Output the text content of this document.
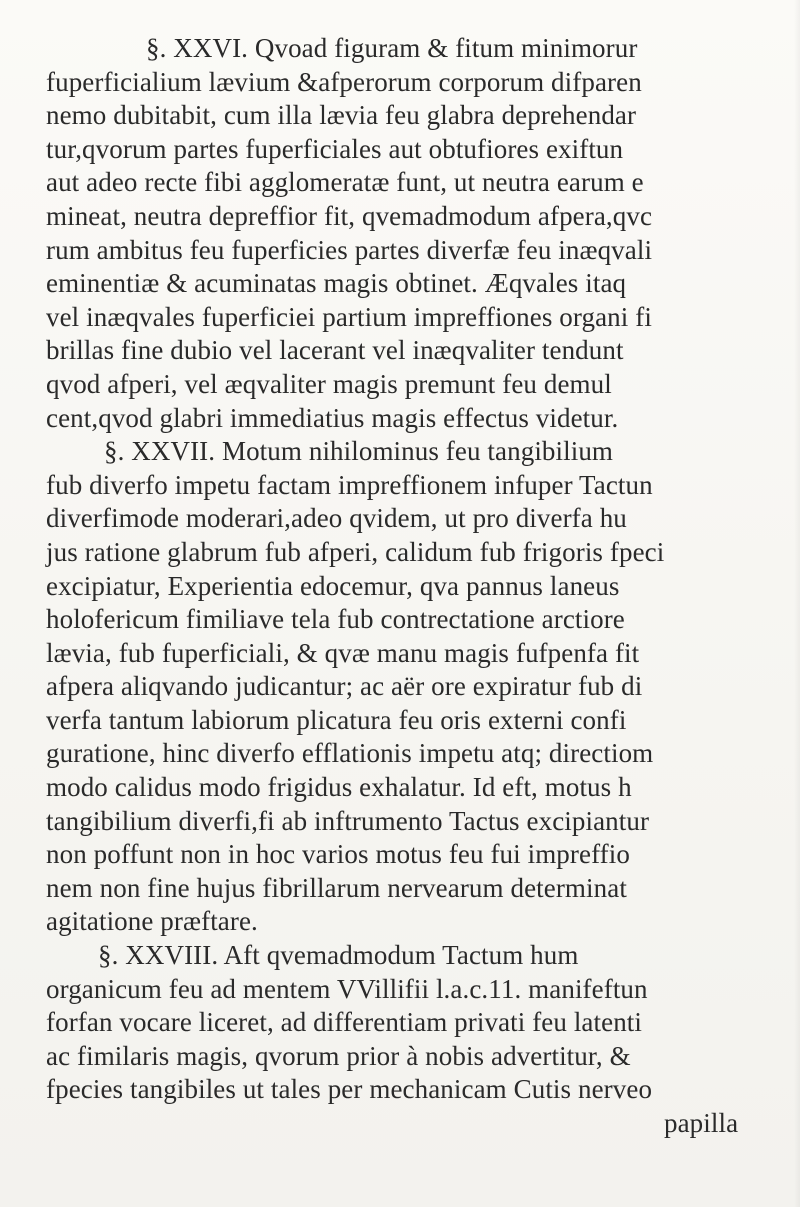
§. XXVI. Qvoad figuram & fitum minimorur
fuperficialium lævium &afperorum corporum difparen
nemo dubitabit, cum illa lævia feu glabra deprehendar
tur,qvorum partes fuperficiales aut obtufiores exiftun
aut adeo recte fibi agglomeratæ funt, ut neutra earum e
mineat, neutra depreffior fit, qvemadmodum afpera,qvc
rum ambitus feu fuperficies partes diverfæ feu inæqvali
eminentiæ & acuminatas magis obtinet. Æqvales itaq
vel inæqvales fuperficiei partium impreffiones organi fi
brillas fine dubio vel lacerant vel inæqvaliter tendunt
qvod afperi, vel æqvaliter magis premunt feu demul
cent,qvod glabri immediatius magis effectus videtur.
§. XXVII. Motum nihilominus feu tangibilium
fub diverfo impetu factam impreffionem infuper Tactun
diverfimode moderari,adeo qvidem, ut pro diverfa hu
jus ratione glabrum fub afperi, calidum fub frigoris fpeci
excipiatur, Experientia edocemur, qva pannus laneus
holofericum fimiliave tela fub contrectatione arctiore
lævia, fub fuperficiali, & qvæ manu magis fufpenfa fit
afpera aliqvando judicantur; ac aër ore expiratur fub di
verfa tantum labiorum plicatura feu oris externi confi
guratione, hinc diverfo efflationis impetu atq; directiom
modo calidus modo frigidus exhalatur. Id eft, motus h
tangibilium diverfi,fi ab inftrumento Tactus excipiantur
non poffunt non in hoc varios motus feu fui impreffio
nem non fine hujus fibrillarum nervearum determinat
agitatione præftare.
§. XXVIII. Aft qvemadmodum Tactum hum
organicum feu ad mentem VVillifii l.a.c.11. manifeftun
forfan vocare liceret, ad differentiam privati feu latenti
ac fimilaris magis, qvorum prior à nobis advertitur, &
fpecies tangibiles ut tales per mechanicam Cutis nerveo
papilla
